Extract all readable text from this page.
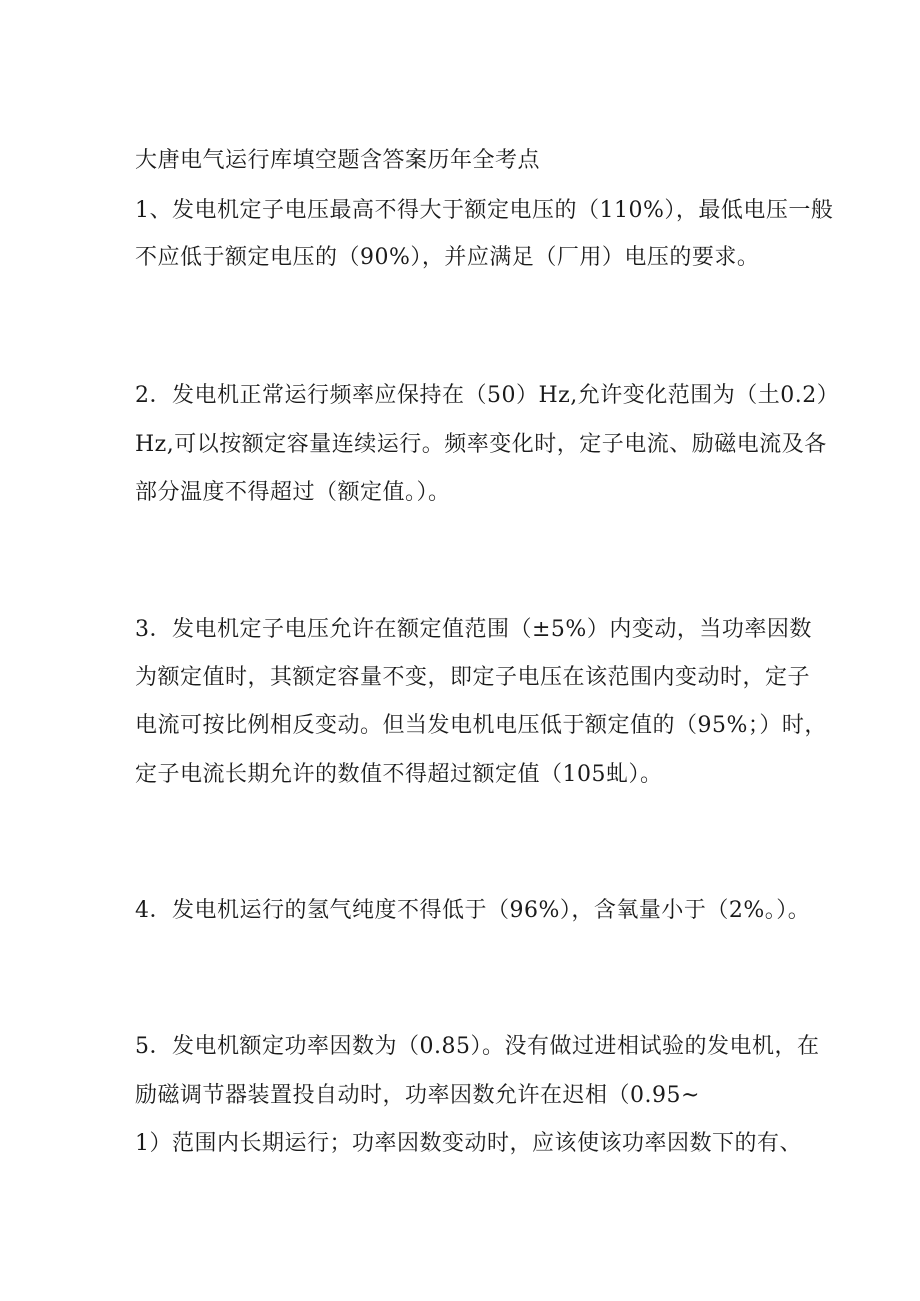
大唐电气运行库填空题含答案历年全考点
1、发电机定子电压最高不得大于额定电压的（110%），最低电压一般
不应低于额定电压的（90%），并应满足（厂用）电压的要求。
2．发电机正常运行频率应保持在（50）Hz,允许变化范围为（土0.2）
Hz,可以按额定容量连续运行。频率变化时，定子电流、励磁电流及各
部分温度不得超过（额定值。）。
3．发电机定子电压允许在额定值范围（±5%）内变动，当功率因数
为额定值时，其额定容量不变，即定子电压在该范围内变动时，定子
电流可按比例相反变动。但当发电机电压低于额定值的（95%；）时，
定子电流长期允许的数值不得超过额定值（105虬）。
4．发电机运行的氢气纯度不得低于（96%），含氧量小于（2%。）。
5．发电机额定功率因数为（0.85）。没有做过进相试验的发电机，在
励磁调节器装置投自动时，功率因数允许在迟相（0.95~
1）范围内长期运行；功率因数变动时，应该使该功率因数下的有、
